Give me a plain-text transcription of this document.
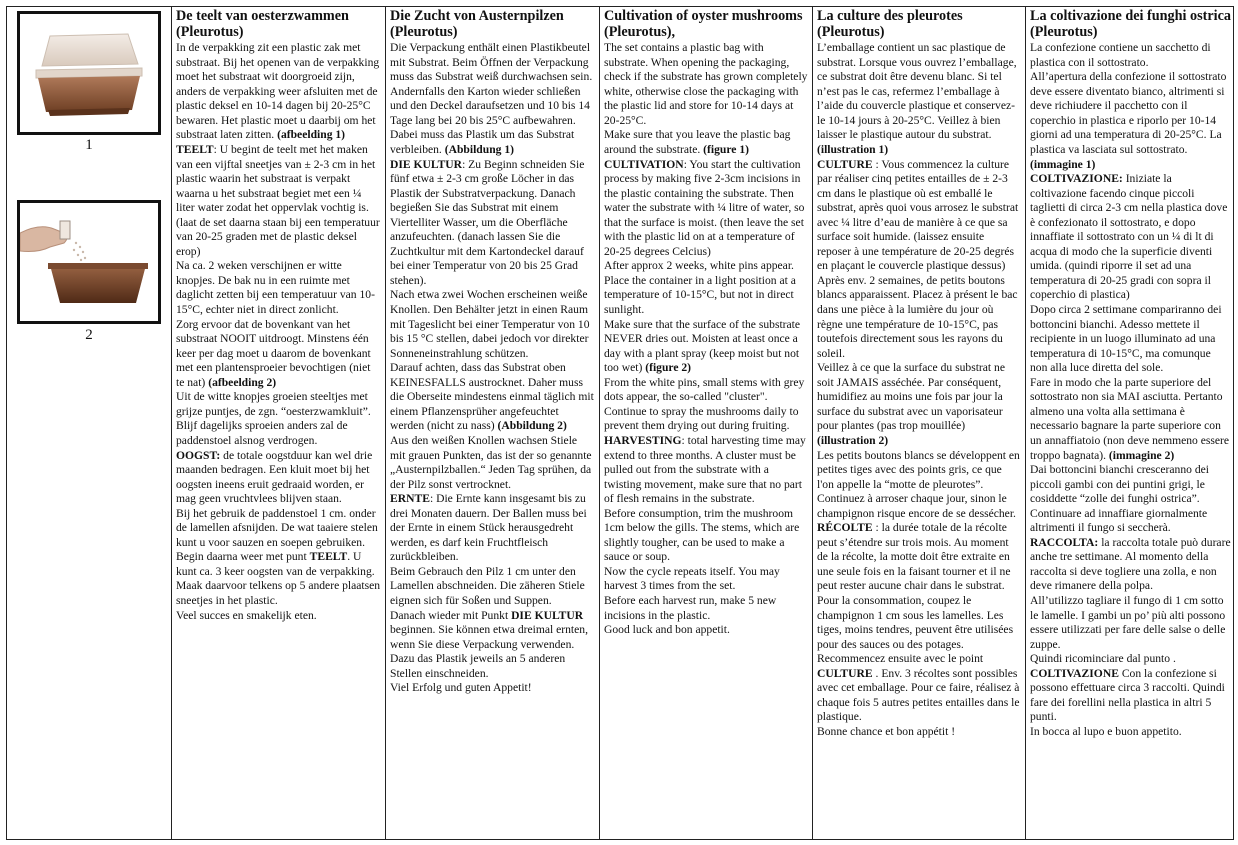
1
2
De teelt van oesterzwammen (Pleurotus)

In de verpakking zit een plastic zak met substraat. Bij het openen van de verpakking moet het substraat wit doorgroeid zijn, anders de verpakking weer afsluiten met de plastic deksel en 10-14 dagen bij 20-25°C bewaren. Het plastic moet u daarbij om het substraat laten zitten. (afbeelding 1)

TEELT: U begint de teelt met het maken van een vijftal sneetjes van ± 2-3 cm in het plastic waarin het substraat is verpakt waarna u het substraat begiet met een ¼ liter water zodat het oppervlak vochtig is. (laat de set daarna staan bij een temperatuur van 20-25 graden met de plastic deksel erop)

Na ca. 2 weken verschijnen er witte knopjes. De bak nu in een ruimte met daglicht zetten bij een temperatuur van 10-15°C, echter niet in direct zonlicht.

Zorg ervoor dat de bovenkant van het substraat NOOIT uitdroogt. Minstens één keer per dag moet u daarom de bovenkant met een plantensproeier bevochtigen (niet te nat) (afbeelding 2)

Uit de witte knopjes groeien steeltjes met grijze puntjes, de zgn. “oesterzwamkluit”. Blijf dagelijks sproeien anders zal de paddenstoel alsnog verdrogen.

OOGST: de totale oogstduur kan wel drie maanden bedragen. Een kluit moet bij het oogsten ineens eruit gedraaid worden, er mag geen vruchtvlees blijven staan.

Bij het gebruik de paddenstoel 1 cm. onder de lamellen afsnijden. De wat taaiere stelen kunt u voor sauzen en soepen gebruiken.

Begin daarna weer met punt TEELT. U kunt ca. 3 keer oogsten van de verpakking. Maak daarvoor telkens op 5 andere plaatsen sneetjes in het plastic.

Veel succes en smakelijk eten.

Die Zucht von Austernpilzen (Pleurotus)

Die Verpackung enthält einen Plastikbeutel mit Substrat. Beim Öffnen der Verpackung muss das Substrat weiß durchwachsen sein. Andernfalls den Karton wieder schließen und den Deckel daraufsetzen und 10 bis 14 Tage lang bei 20 bis 25°C aufbewahren. Dabei muss das Plastik um das Substrat verbleiben. (Abbildung 1)

DIE KULTUR: Zu Beginn schneiden Sie fünf etwa ± 2-3 cm große Löcher in das Plastik der Substratverpackung. Danach begießen Sie das Substrat mit einem Viertelliter Wasser, um die Oberfläche anzufeuchten. (danach lassen Sie die Zuchtkultur mit dem Kartondeckel darauf bei einer Temperatur von 20 bis 25 Grad stehen).

Nach etwa zwei Wochen erscheinen weiße Knollen. Den Behälter jetzt in einen Raum mit Tageslicht bei einer Temperatur von 10 bis 15 °C stellen, dabei jedoch vor direkter Sonneneinstrahlung schützen.

Darauf achten, dass das Substrat oben KEINESFALLS austrocknet. Daher muss die Oberseite mindestens einmal täglich mit einem Pflanzensprüher angefeuchtet werden (nicht zu nass) (Abbildung 2)

Aus den weißen Knollen wachsen Stiele mit grauen Punkten, das ist der so genannte „Austernpilzballen.“ Jeden Tag sprühen, da der Pilz sonst vertrocknet.

ERNTE: Die Ernte kann insgesamt bis zu drei Monaten dauern. Der Ballen muss bei der Ernte in einem Stück herausgedreht werden, es darf kein Fruchtfleisch zurückbleiben.

Beim Gebrauch den Pilz 1 cm unter den Lamellen abschneiden. Die zäheren Stiele eignen sich für Soßen und Suppen.

Danach wieder mit Punkt DIE KULTUR beginnen. Sie können etwa dreimal ernten, wenn Sie diese Verpackung verwenden. Dazu das Plastik jeweils an 5 anderen Stellen einschneiden.

Viel Erfolg und guten Appetit!

Cultivation of oyster mushrooms (Pleurotus),

The set contains a plastic bag with substrate. When opening the packaging, check if the substrate has grown completely white, otherwise close the packaging with the plastic lid and store for 10-14 days at 20-25°C.

Make sure that you leave the plastic bag around the substrate. (figure 1)

CULTIVATION: You start the cultivation process by making five 2-3cm incisions in the plastic containing the substrate. Then water the substrate with ¼ litre of water, so that the surface is moist. (then leave the set with the plastic lid on at a temperature of 20-25 degrees Celcius)

After approx 2 weeks, white pins appear. Place the container in a light position at a temperature of 10-15°C, but not in direct sunlight.

Make sure that the surface of the substrate NEVER dries out. Moisten at least once a day with a plant spray (keep moist but not too wet) (figure 2)

From the white pins, small stems with grey dots appear, the so-called "cluster". Continue to spray the mushrooms daily to prevent them drying out during fruiting.

HARVESTING: total harvesting time may extend to three months. A cluster must be pulled out from the substrate with a twisting movement, make sure that no part of flesh remains in the substrate.

Before consumption, trim the mushroom 1cm below the gills. The stems, which are slightly tougher, can be used to make a sauce or soup.

Now the cycle repeats itself. You may harvest 3 times from the set.

Before each harvest run, make 5 new incisions in the plastic.

Good luck and bon appetit.

La culture des pleurotes (Pleurotus)

L’emballage contient un sac plastique de substrat. Lorsque vous ouvrez l’emballage, ce substrat doit être devenu blanc. Si tel n’est pas le cas, refermez l’emballage à l’aide du couvercle plastique et conservez-le 10-14 jours à 20-25°C. Veillez à bien laisser le plastique autour du substrat. (illustration 1)

CULTURE : Vous commencez la culture par réaliser cinq petites entailles de ± 2-3 cm dans le plastique où est emballé le substrat, après quoi vous arrosez le substrat avec ¼ litre d’eau de manière à ce que sa surface soit humide. (laissez ensuite reposer à une température de 20-25 degrés en plaçant le couvercle plastique dessus)

Après env. 2 semaines, de petits boutons blancs apparaissent. Placez à présent le bac dans une pièce à la lumière du jour où règne une température de 10-15°C, pas toutefois directement sous les rayons du soleil.

Veillez à ce que la surface du substrat ne soit JAMAIS asséchée. Par conséquent, humidifiez au moins une fois par jour la surface du substrat avec un vaporisateur pour plantes (pas trop mouillée) (illustration 2)

Les petits boutons blancs se développent en petites tiges avec des points gris, ce que l'on appelle la “motte de pleurotes”. Continuez à arroser chaque jour, sinon le champignon risque encore de se dessécher.

RÉCOLTE : la durée totale de la récolte peut s’étendre sur trois mois. Au moment de la récolte, la motte doit être extraite en une seule fois en la faisant tourner et il ne peut rester aucune chair dans le substrat.

Pour la consommation, coupez le champignon 1 cm sous les lamelles. Les tiges, moins tendres, peuvent être utilisées pour des sauces ou des potages.

Recommencez ensuite avec le point CULTURE . Env. 3 récoltes sont possibles avec cet emballage. Pour ce faire, réalisez à chaque fois 5 autres petites entailles dans le plastique.

Bonne chance et bon appétit !

La coltivazione dei funghi ostrica (Pleurotus)

La confezione contiene un sacchetto di plastica con il sottostrato.

All’apertura della confezione il sottostrato deve essere diventato bianco, altrimenti si deve richiudere il pacchetto con il coperchio in plastica e riporlo per 10-14 giorni ad una temperatura di 20-25°C. La plastica va lasciata sul sottostrato. (immagine 1)

COLTIVAZIONE: Iniziate la coltivazione facendo cinque piccoli taglietti di circa 2-3 cm nella plastica dove è confezionato il sottostrato, e dopo innaffiate il sottostrato con un ¼ di lt di acqua di modo che la superficie diventi umida. (quindi riporre il set ad una temperatura di 20-25 gradi con sopra il coperchio di plastica)

Dopo circa 2 settimane compariranno dei bottoncini bianchi. Adesso mettete il recipiente in un luogo illuminato ad una temperatura di 10-15°C, ma comunque non alla luce diretta del sole.

Fare in modo che la parte superiore del sottostrato non sia MAI asciutta. Pertanto almeno una volta alla settimana è necessario bagnare la parte superiore con un annaffiatoio (non deve nemmeno essere troppo bagnata). (immagine 2)

Dai bottoncini bianchi cresceranno dei piccoli gambi con dei puntini grigi, le cosiddette “zolle dei funghi ostrica”. Continuare ad innaffiare giornalmente altrimenti il fungo si seccherà.

RACCOLTA: la raccolta totale può durare anche tre settimane. Al momento della raccolta si deve togliere una zolla, e non deve rimanere della polpa.

All’utilizzo tagliare il fungo di 1 cm sotto le lamelle. I gambi un po’ più alti possono essere utilizzati per fare delle salse o delle zuppe.

Quindi ricominciare dal punto .

COLTIVAZIONE Con la confezione si possono effettuare circa 3 raccolti. Quindi fare dei forellini nella plastica in altri 5 punti.

In bocca al lupo e buon appetito.
